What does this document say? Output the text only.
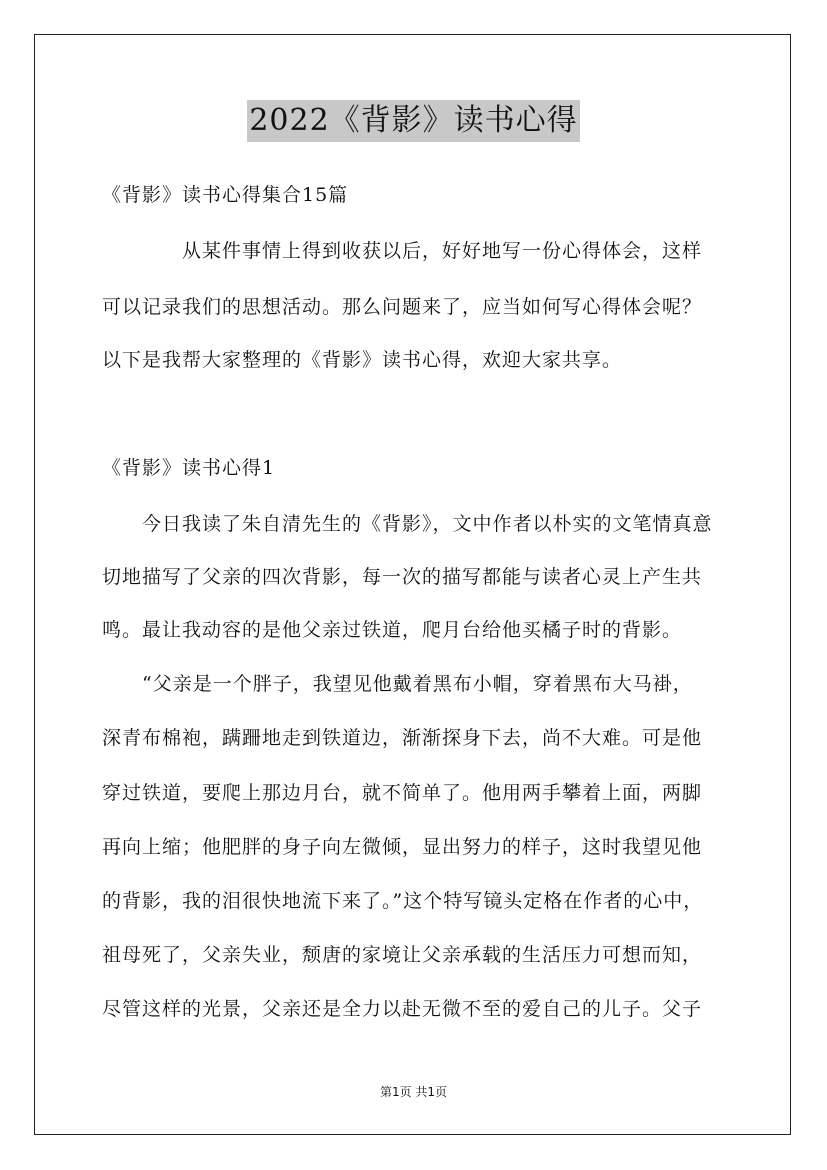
2022《背影》读书心得
《背影》读书心得集合15篇
从某件事情上得到收获以后，好好地写一份心得体会，这样
可以记录我们的思想活动。那么问题来了，应当如何写心得体会呢？
以下是我帮大家整理的《背影》读书心得，欢迎大家共享。
《背影》读书心得1
今日我读了朱自清先生的《背影》，文中作者以朴实的文笔情真意
切地描写了父亲的四次背影，每一次的描写都能与读者心灵上产生共
鸣。最让我动容的是他父亲过铁道，爬月台给他买橘子时的背影。
“父亲是一个胖子，我望见他戴着黑布小帽，穿着黑布大马褂，
深青布棉袍，蹒跚地走到铁道边，渐渐探身下去，尚不大难。可是他
穿过铁道，要爬上那边月台，就不简单了。他用两手攀着上面，两脚
再向上缩；他肥胖的身子向左微倾，显出努力的样子，这时我望见他
的背影，我的泪很快地流下来了。”这个特写镜头定格在作者的心中，
祖母死了，父亲失业，颓唐的家境让父亲承载的生活压力可想而知，
尽管这样的光景，父亲还是全力以赴无微不至的爱自己的儿子。父子
第1页 共1页
